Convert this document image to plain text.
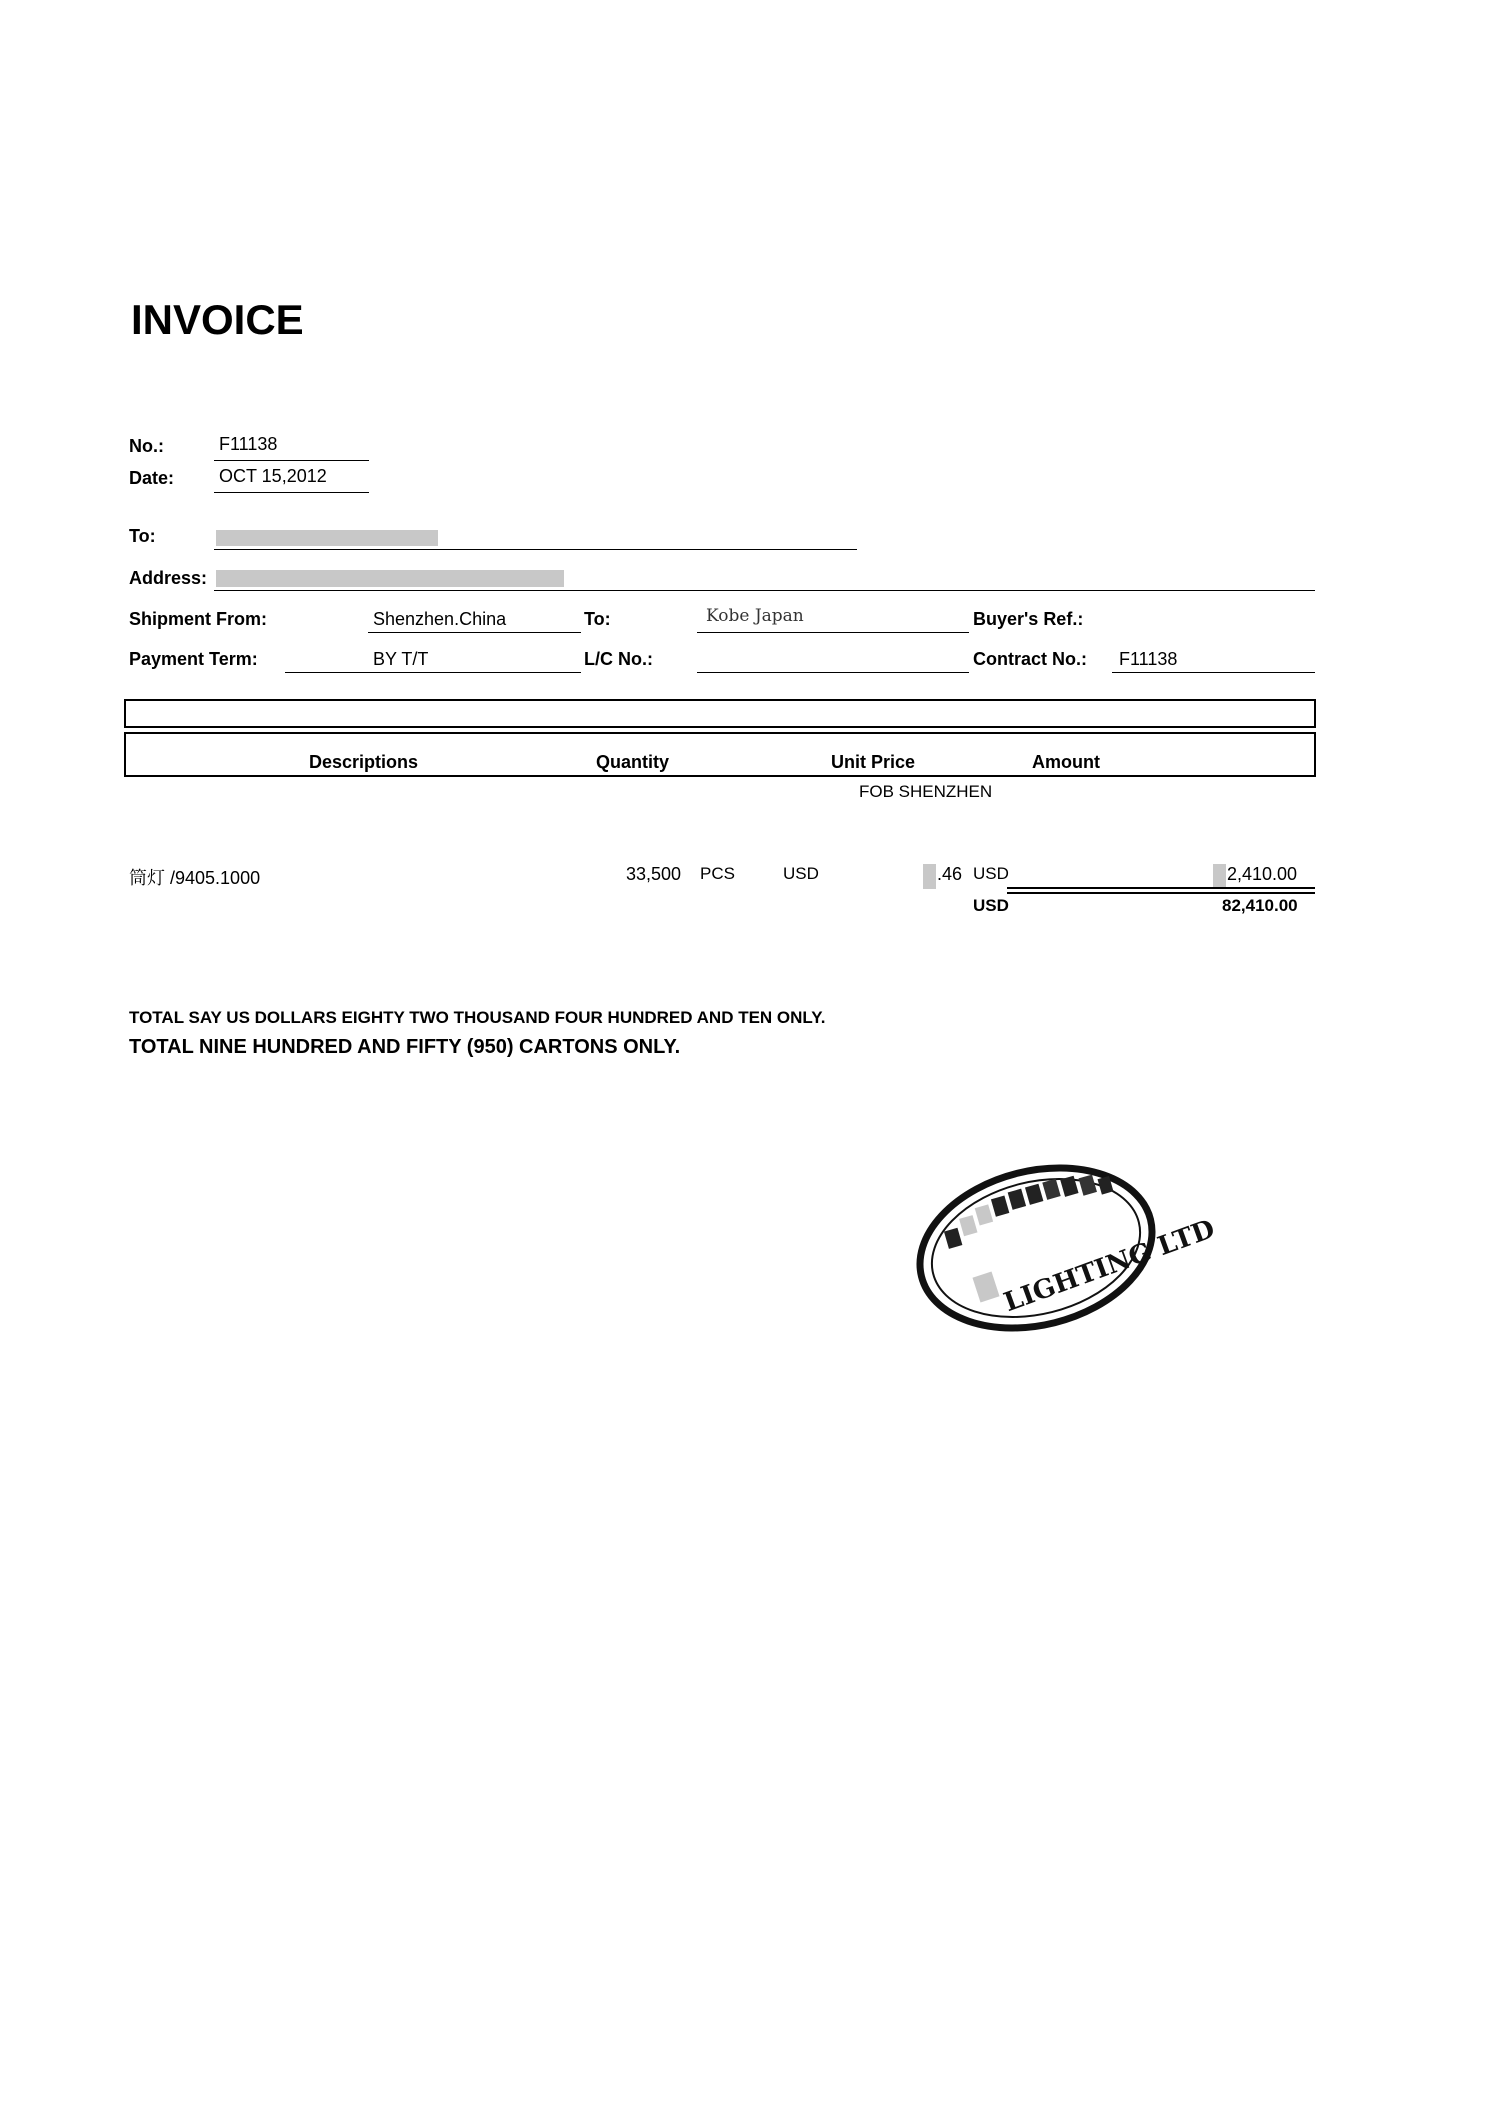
INVOICE
No.:	F11138
Date: OCT 15,2012
To:
Address:
Shipment From:	Shenzhen.China	To:	Kobe Japan	Buyer's Ref.:
Payment Term:	BY T/T	L/C No.:	Contract No.: F11138
Descriptions	Quantity	Unit Price	Amount
FOB SHENZHEN
筒灯 /9405.1000	33,500 PCS	USD	.46 USD	2,410.00
USD	82,410.00
TOTAL SAY US DOLLARS EIGHTY TWO THOUSAND FOUR HUNDRED AND TEN ONLY.
TOTAL NINE HUNDRED AND FIFTY (950) CARTONS ONLY.
LIGHTING LTD
